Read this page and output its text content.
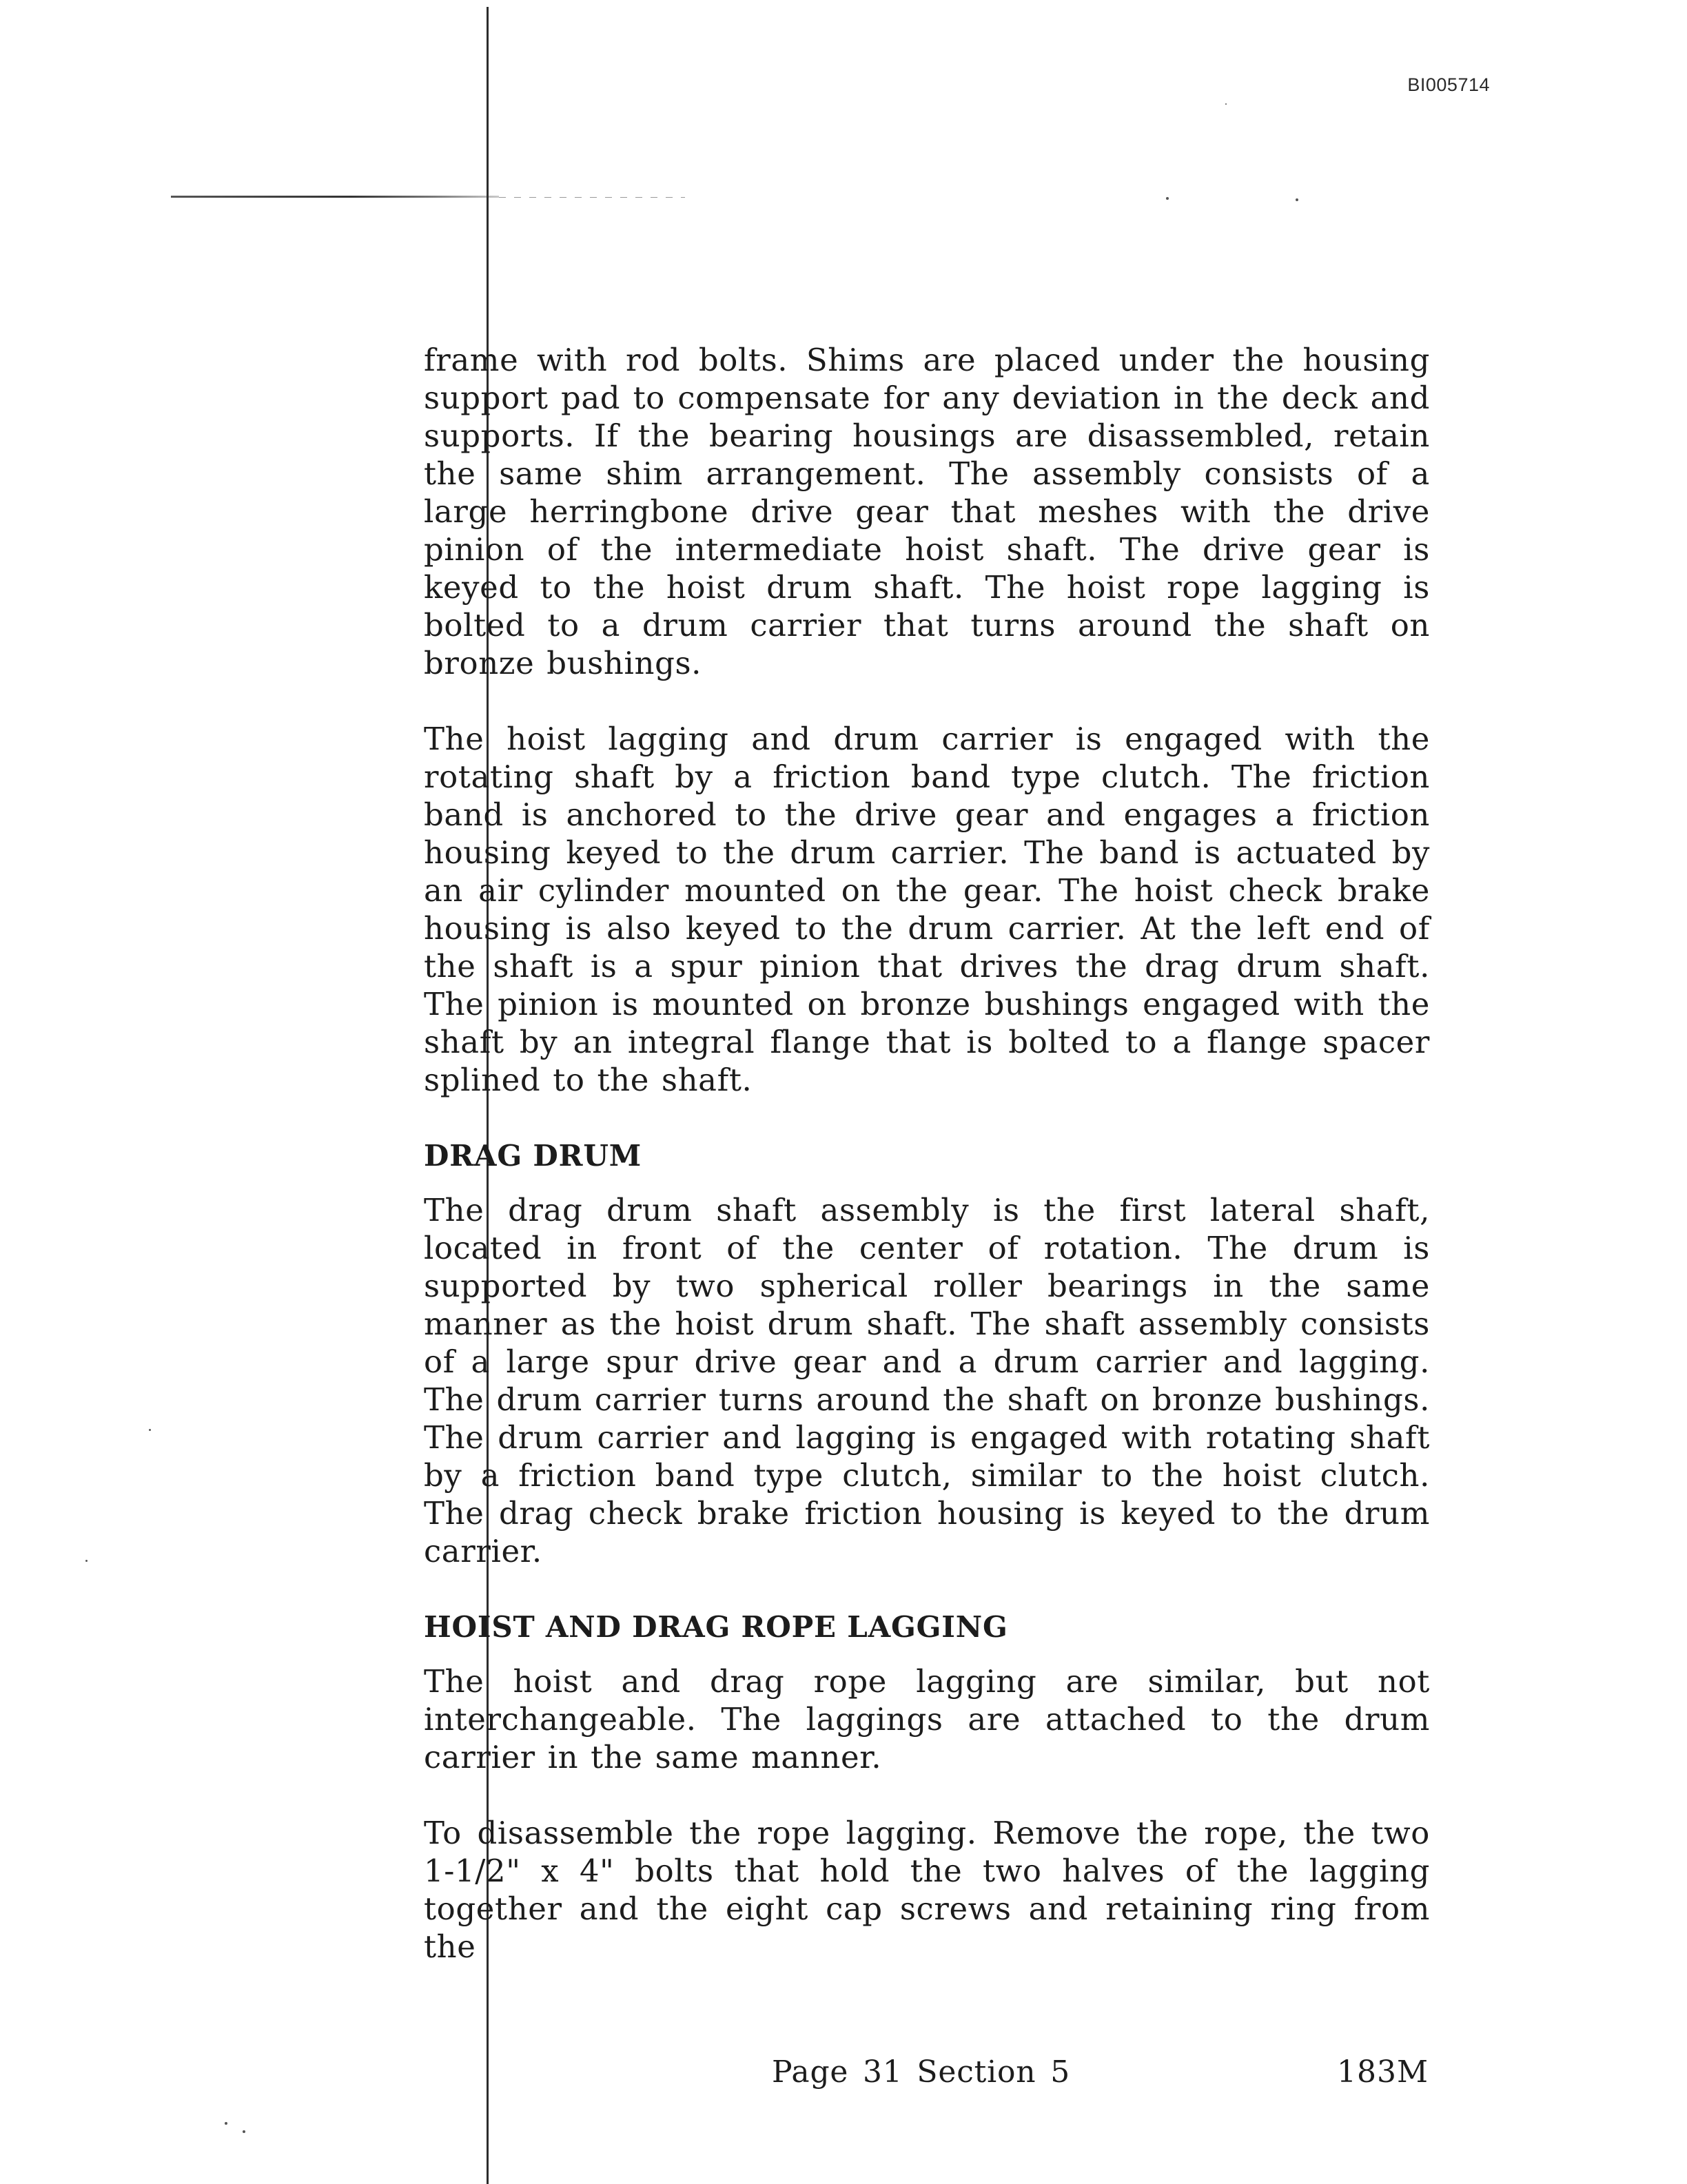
BI005714

frame with rod bolts. Shims are placed under the housing support pad to compensate for any deviation in the deck and supports. If the bearing housings are disassembled, retain the same shim arrangement. The assembly consists of a large herringbone drive gear that meshes with the drive pinion of the intermediate hoist shaft. The drive gear is keyed to the hoist drum shaft. The hoist rope lagging is bolted to a drum carrier that turns around the shaft on bronze bushings.

The hoist lagging and drum carrier is engaged with the rotating shaft by a friction band type clutch. The friction band is anchored to the drive gear and engages a friction housing keyed to the drum carrier. The band is actuated by an air cylinder mounted on the gear. The hoist check brake housing is also keyed to the drum carrier. At the left end of the shaft is a spur pinion that drives the drag drum shaft. The pinion is mounted on bronze bushings engaged with the shaft by an integral flange that is bolted to a flange spacer splined to the shaft.

DRAG DRUM

The drag drum shaft assembly is the first lateral shaft, located in front of the center of rotation. The drum is supported by two spherical roller bearings in the same manner as the hoist drum shaft. The shaft assembly consists of a large spur drive gear and a drum carrier and lagging. The drum carrier turns around the shaft on bronze bushings. The drum carrier and lagging is engaged with rotating shaft by a friction band type clutch, similar to the hoist clutch. The drag check brake friction housing is keyed to the drum carrier.

HOIST AND DRAG ROPE LAGGING

The hoist and drag rope lagging are similar, but not interchangeable. The laggings are attached to the drum carrier in the same manner.

To disassemble the rope lagging. Remove the rope, the two 1-1/2" x 4" bolts that hold the two halves of the lagging together and the eight cap screws and retaining ring from the

Page 31 Section 5	183M
